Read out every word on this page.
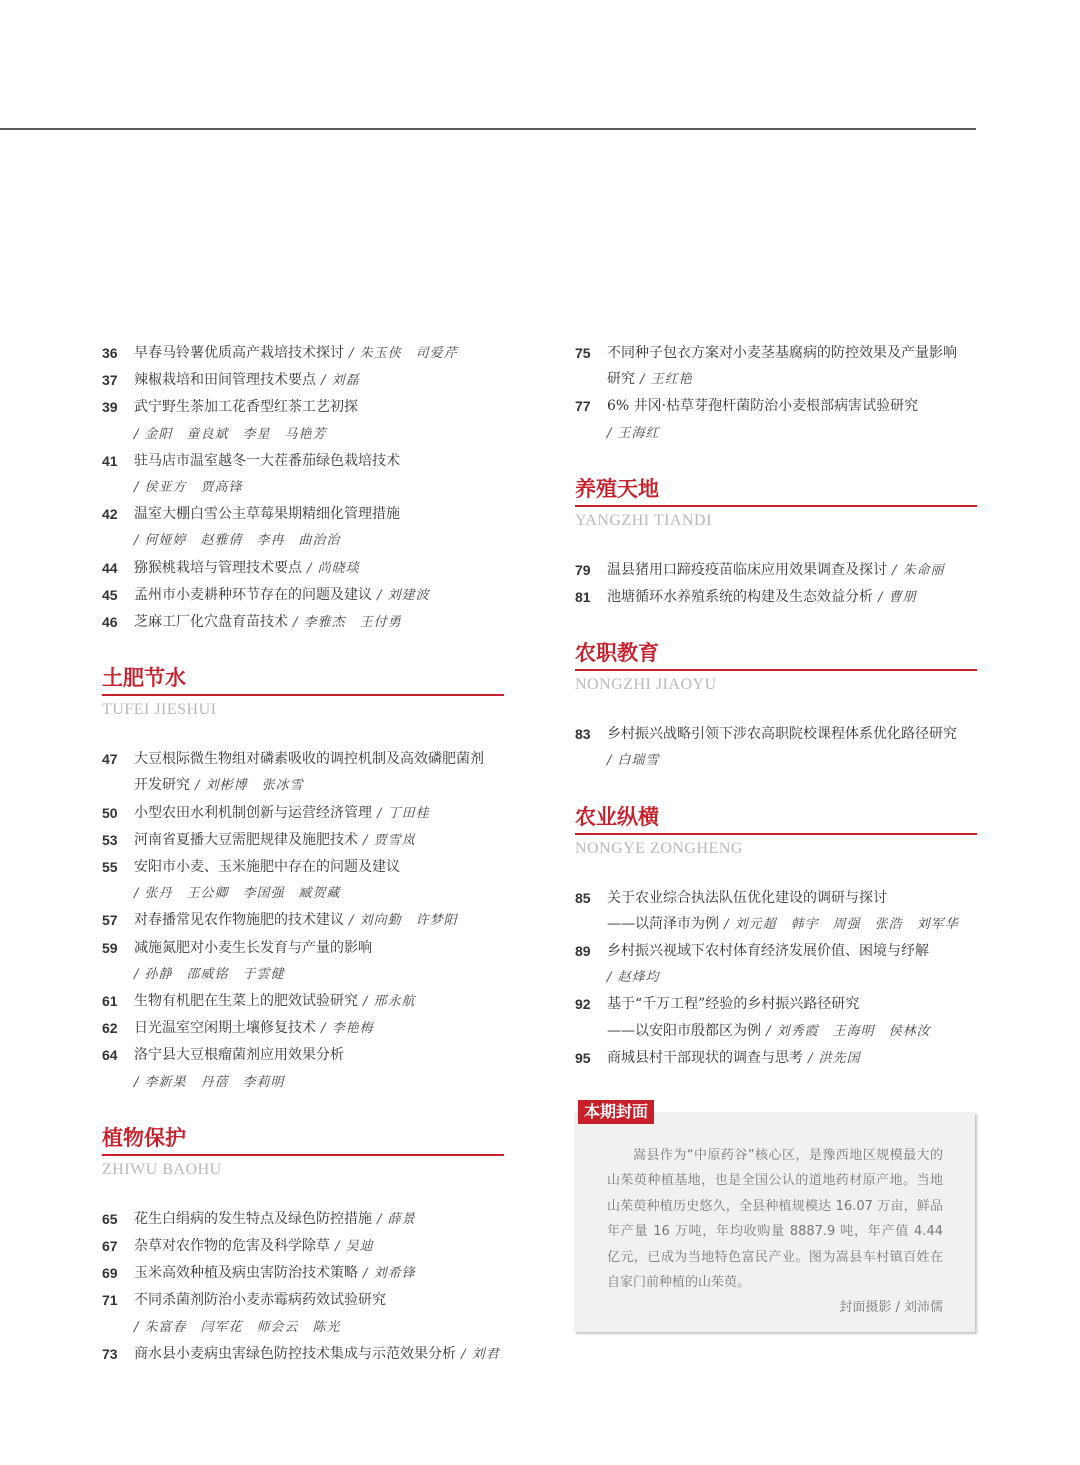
36 早春马铃薯优质高产栽培技术探讨 / 朱玉侠　司爱芹
37 辣椒栽培和田间管理技术要点 / 刘磊
39 武宁野生茶加工花香型红茶工艺初探
/ 金阳　童良斌　李星　马艳芳
41 驻马店市温室越冬一大茬番茄绿色栽培技术
/ 侯亚方　贾高锋
42 温室大棚白雪公主草莓果期精细化管理措施
/ 何娅婷　赵雅倩　李冉　曲治治
44 猕猴桃栽培与管理技术要点 / 尚晓琰
45 孟州市小麦耕种环节存在的问题及建议 / 刘建波
46 芝麻工厂化穴盘育苗技术 / 李雅杰　王付勇
土肥节水
TUFEI JIESHUI
47 大豆根际微生物组对磷素吸收的调控机制及高效磷肥菌剂
开发研究 / 刘彬博　张冰雪
50 小型农田水利机制创新与运营经济管理 / 丁田桂
53 河南省夏播大豆需肥规律及施肥技术 / 贾雪岚
55 安阳市小麦、玉米施肥中存在的问题及建议
/ 张丹　王公卿　李国强　臧贺藏
57 对春播常见农作物施肥的技术建议 / 刘向勤　许梦阳
59 减施氮肥对小麦生长发育与产量的影响
/ 孙静　邵威铭　于雲健
61 生物有机肥在生菜上的肥效试验研究 / 邢永航
62 日光温室空闲期土壤修复技术 / 李艳梅
64 洛宁县大豆根瘤菌剂应用效果分析
/ 李新果　丹蓓　李莉明
植物保护
ZHIWU BAOHU
65 花生白绢病的发生特点及绿色防控措施 / 薛景
67 杂草对农作物的危害及科学除草 / 吴迪
69 玉米高效种植及病虫害防治技术策略 / 刘希锋
71 不同杀菌剂防治小麦赤霉病药效试验研究
/ 朱富春　闫军花　师会云　陈光
73 商水县小麦病虫害绿色防控技术集成与示范效果分析 / 刘君
75 不同种子包衣方案对小麦茎基腐病的防控效果及产量影响
研究 / 王红艳
77 6% 井冈·枯草芽孢杆菌防治小麦根部病害试验研究
/ 王海红
养殖天地
YANGZHI TIANDI
79 温县猪用口蹄疫疫苗临床应用效果调查及探讨 / 朱命丽
81 池塘循环水养殖系统的构建及生态效益分析 / 曹朋
农职教育
NONGZHI JIAOYU
83 乡村振兴战略引领下涉农高职院校课程体系优化路径研究
/ 白瑞雪
农业纵横
NONGYE ZONGHENG
85 关于农业综合执法队伍优化建设的调研与探讨
——以菏泽市为例 / 刘元超　韩宇　周强　张浩　刘军华
89 乡村振兴视域下农村体育经济发展价值、困境与纾解
/ 赵烽均
92 基于“千万工程”经验的乡村振兴路径研究
——以安阳市殷都区为例 / 刘秀霞　王海明　侯林汝
95 商城县村干部现状的调查与思考 / 洪先国
本期封面
嵩县作为“中原药谷”核心区，是豫西地区规模最大的山茱萸种植基地，也是全国公认的道地药材原产地。当地山茱萸种植历史悠久，全县种植规模达 16.07 万亩，鲜品年产量 16 万吨，年均收购量 8887.9 吨，年产值 4.44 亿元，已成为当地特色富民产业。图为嵩县车村镇百姓在自家门前种植的山茱萸。
封面摄影 / 刘沛儒
